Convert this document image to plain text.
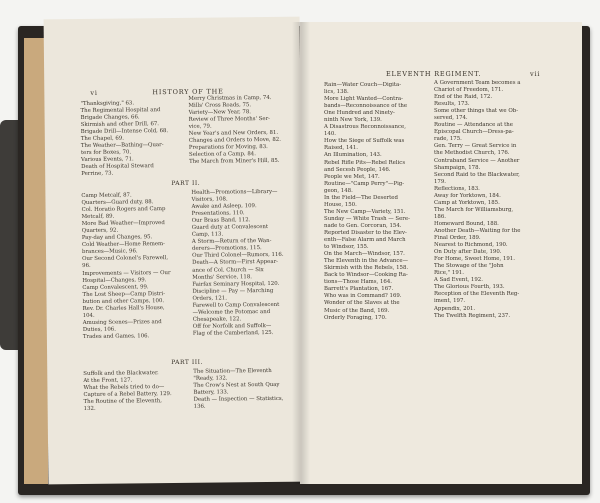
vi	HISTORY OF THE
"Thanksgiving," 63.
The Regimental Hospital and
Brigade Changes, 66.
Skirmish and other Drill, 67.
Brigade Drill—Intense Cold, 68.
The Chapel, 69.
The Weather—Bathing—Quar-
ters for Boxes, 70.
Various Events, 71.
Death of Hospital Steward
Perrine, 73.
Merry Christmas in Camp, 74.
Mills' Cross Roads, 75.
Variety—New Year, 78.
Review of Three Months' Ser-
vice, 79.
New Year's and New Orders, 81.
Changes and Orders to Move, 82.
Preparations for Moving, 83.
Selection of a Camp, 84.
The March from Miner's Hill, 85.
PART II.
Camp Metcalf, 87.
Quarters—Guard duty, 88.
Col. Horatio Rogers and Camp
Metcalf, 89.
More Bad Weather—Improved
Quarters, 92.
Pay-day and Changes, 95.
Cold Weather—Home Remem-
brances—Music, 96.
Our Second Colonel's Farewell,
96.
Improvements — Visitors — Our
Hospital—Changes, 99.
Camp Convalescent, 99.
The Lost Sheep—Camp Distri-
bution and other Camps, 100.
Rev. Dr. Charles Hall's House,
104.
Amusing Scenes—Prizes and
Duties, 106.
Trades and Games, 106.
Health—Promotions—Library—
Visitors, 108.
Awake and Asleep, 109.
Presentations, 110.
Our Brass Band, 112.
Guard duty at Convalescent
Camp, 113.
A Storm—Return of the Wan-
derers—Promotions, 115.
Our Third Colonel—Rumors, 116.
Death—A Storm—First Appear-
ance of Col. Church — Six
Months' Service, 118.
Fairfax Seminary Hospital, 120.
Discipline — Pay — Marching
Orders, 121.
Farewell to Camp Convalescent
—Welcome the Potomac and
Chesapeake, 122.
Off for Norfolk and Suffolk—
Flag of the Cumberland, 125.
PART III.
Suffolk and the Blackwater.
At the Front, 127.
What the Rebels tried to do—
Capture of a Rebel Battery, 129.
The Routine of the Eleventh,
132.
The Situation—The Eleventh
"Ready, 132.
The Crow's Nest at South Quay
Battery, 133.
Death — Inspection — Statistics,
136.
ELEVENTH REGIMENT.	vii
Rain—Water Couch—Digita-
lics, 138.
More Light Wanted—Contra-
bands—Reconnoissance of the
One Hundred and Ninety-
ninth New York, 139.
A Disastrous Reconnoissance,
140.
How the Siege of Suffolk was
Raised, 141.
An Illumination, 143.
Rebel Rifle Pits—Rebel Relics
and Secesh People, 146.
People we Met, 147.
Routine—"Camp Perry"—Pig-
geon, 148.
In the Field—The Deserted
House, 150.
The New Camp—Variety, 151.
Sunday — White Trash — Sere-
nade to Gen. Corcoran, 154.
Reported Disaster to the Elev-
enth—False Alarm and March
to Windsor, 155.
On the March—Windsor, 157.
The Eleventh in the Advance—
Skirmish with the Rebels, 158.
Back to Windsor—Cooking Ra-
tions—Those Hams, 164.
Barrett's Plantation, 167.
Who was in Command? 169.
Wonder of the Slaves at the
Music of the Band, 169.
Orderly Foraging, 170.
A Government Team becomes a
Chariot of Freedom, 171.
End of the Raid, 172.
Results, 173.
Some other things that we Ob-
served, 174.
Routine — Attendance at the
Episcopal Church—Dress-pa-
rade, 175.
Gen. Terry — Great Service in
the Methodist Church, 176.
Contraband Service — Another
Shampaign, 178.
Second Raid to the Blackwater,
179.
Reflections, 183.
Away for Yorktown, 184.
Camp at Yorktown, 185.
The March for Williamsburg,
186.
Homeward Bound, 188.
Another Death—Waiting for the
Final Order, 189.
Nearest to Richmond, 190.
On Duty after Date, 190.
For Home, Sweet Home, 191.
The Stowage of the "John
Rice," 191.
A Sad Event, 192.
The Glorious Fourth, 193.
Reception of the Eleventh Reg-
iment, 197.
Appendix, 201.
The Twelfth Regiment, 237.
